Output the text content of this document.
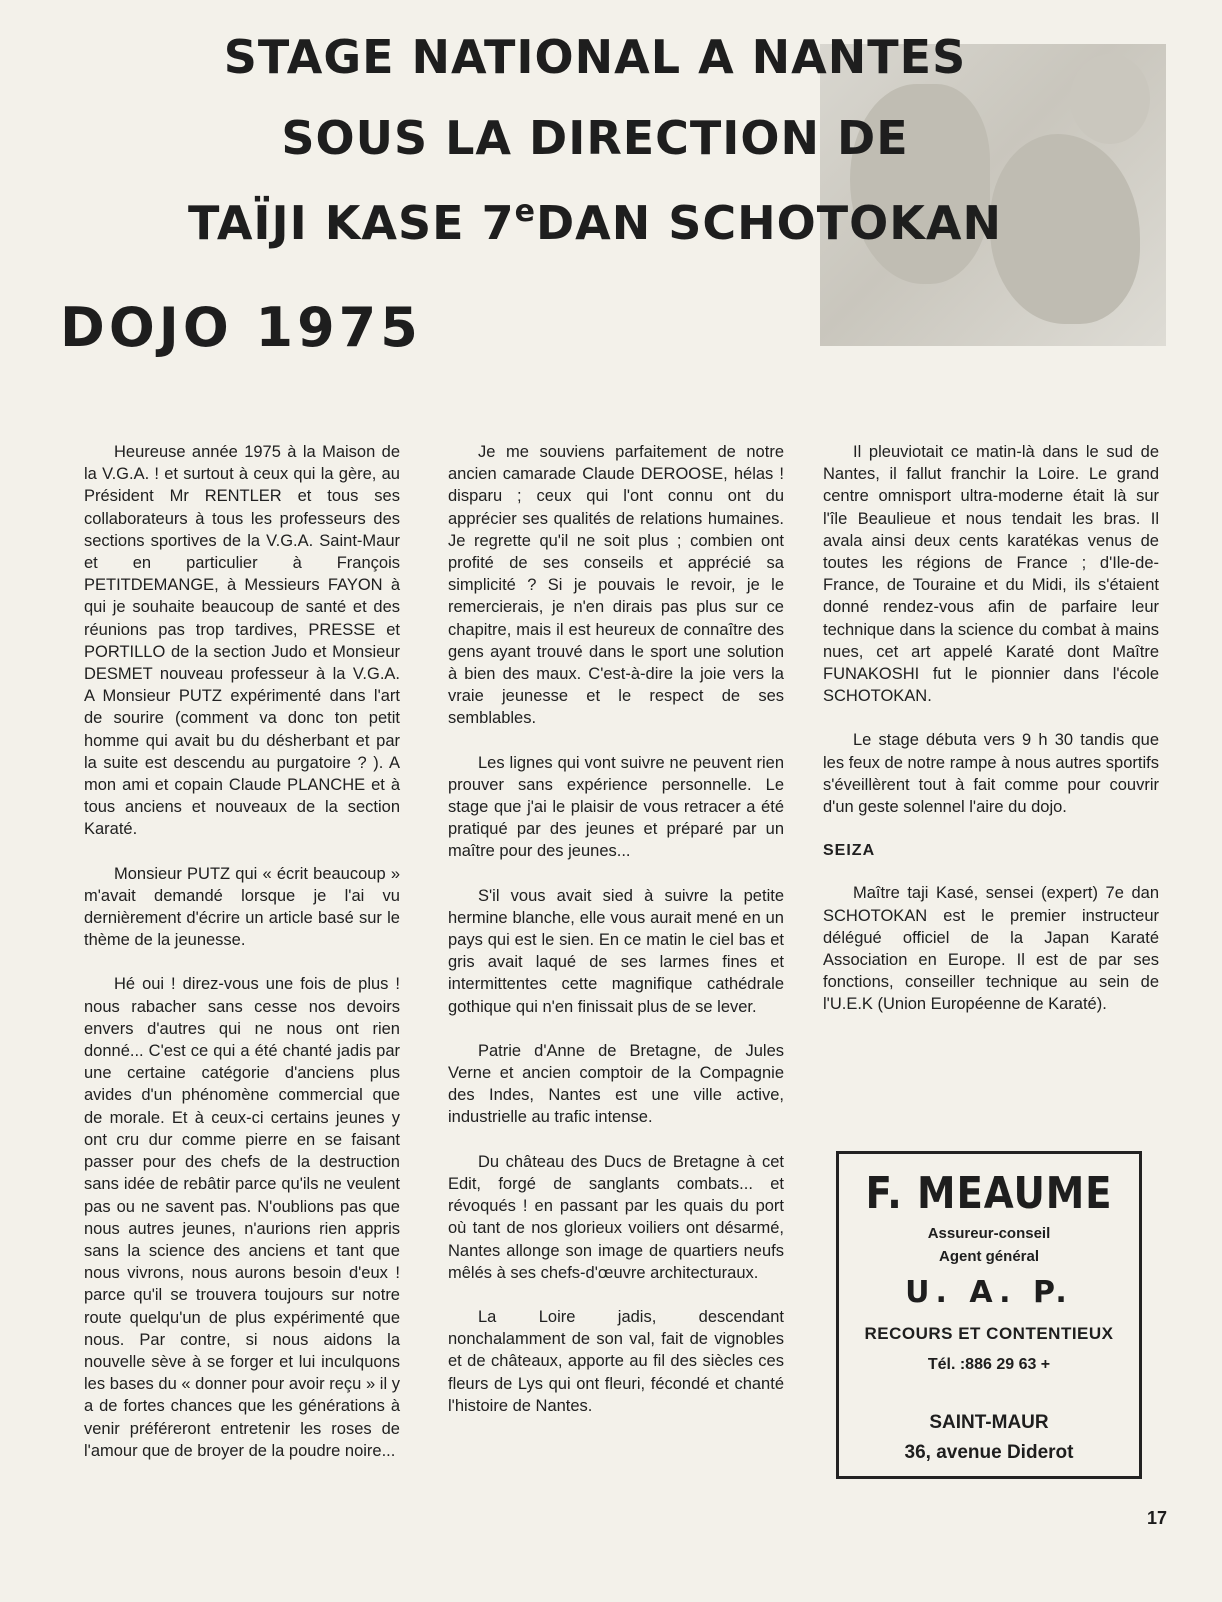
STAGE NATIONAL A NANTES
SOUS LA DIRECTION DE
TAÏJI KASE 7eDAN SCHOTOKAN
DOJO 1975

Heureuse année 1975 à la Maison de la V.G.A. ! et surtout à ceux qui la gère, au Président Mr RENTLER et tous ses collaborateurs à tous les professeurs des sections sportives de la V.G.A. Saint-Maur et en particulier à François PETITDEMANGE, à Messieurs FAYON à qui je souhaite beaucoup de santé et des réunions pas trop tardives, PRESSE et PORTILLO de la section Judo et Monsieur DESMET nouveau professeur à la V.G.A. A Monsieur PUTZ expérimenté dans l'art de sourire (comment va donc ton petit homme qui avait bu du désherbant et par la suite est descendu au purgatoire ? ). A mon ami et copain Claude PLANCHE et à tous anciens et nouveaux de la section Karaté.

Monsieur PUTZ qui « écrit beaucoup » m'avait demandé lorsque je l'ai vu dernièrement d'écrire un article basé sur le thème de la jeunesse.

Hé oui ! direz-vous une fois de plus ! nous rabacher sans cesse nos devoirs envers d'autres qui ne nous ont rien donné... C'est ce qui a été chanté jadis par une certaine catégorie d'anciens plus avides d'un phénomène commercial que de morale. Et à ceux-ci certains jeunes y ont cru dur comme pierre en se faisant passer pour des chefs de la destruction sans idée de rebâtir parce qu'ils ne veulent pas ou ne savent pas. N'oublions pas que nous autres jeunes, n'aurions rien appris sans la science des anciens et tant que nous vivrons, nous aurons besoin d'eux ! parce qu'il se trouvera toujours sur notre route quelqu'un de plus expérimenté que nous. Par contre, si nous aidons la nouvelle sève à se forger et lui inculquons les bases du « donner pour avoir reçu » il y a de fortes chances que les générations à venir préféreront entretenir les roses de l'amour que de broyer de la poudre noire...

Je me souviens parfaitement de notre ancien camarade Claude DEROOSE, hélas ! disparu ; ceux qui l'ont connu ont du apprécier ses qualités de relations humaines. Je regrette qu'il ne soit plus ; combien ont profité de ses conseils et apprécié sa simplicité ? Si je pouvais le revoir, je le remercierais, je n'en dirais pas plus sur ce chapitre, mais il est heureux de connaître des gens ayant trouvé dans le sport une solution à bien des maux. C'est-à-dire la joie vers la vraie jeunesse et le respect de ses semblables.

Les lignes qui vont suivre ne peuvent rien prouver sans expérience personnelle. Le stage que j'ai le plaisir de vous retracer a été pratiqué par des jeunes et préparé par un maître pour des jeunes...

S'il vous avait sied à suivre la petite hermine blanche, elle vous aurait mené en un pays qui est le sien. En ce matin le ciel bas et gris avait laqué de ses larmes fines et intermittentes cette magnifique cathédrale gothique qui n'en finissait plus de se lever.

Patrie d'Anne de Bretagne, de Jules Verne et ancien comptoir de la Compagnie des Indes, Nantes est une ville active, industrielle au trafic intense.

Du château des Ducs de Bretagne à cet Edit, forgé de sanglants combats... et révoqués ! en passant par les quais du port où tant de nos glorieux voiliers ont désarmé, Nantes allonge son image de quartiers neufs mêlés à ses chefs-d'œuvre architecturaux.

La Loire jadis, descendant nonchalamment de son val, fait de vignobles et de châteaux, apporte au fil des siècles ces fleurs de Lys qui ont fleuri, fécondé et chanté l'histoire de Nantes.

Il pleuviotait ce matin-là dans le sud de Nantes, il fallut franchir la Loire. Le grand centre omnisport ultra-moderne était là sur l'île Beaulieue et nous tendait les bras. Il avala ainsi deux cents karatékas venus de toutes les régions de France ; d'Ile-de-France, de Touraine et du Midi, ils s'étaient donné rendez-vous afin de parfaire leur technique dans la science du combat à mains nues, cet art appelé Karaté dont Maître FUNAKOSHI fut le pionnier dans l'école SCHOTOKAN.

Le stage débuta vers 9 h 30 tandis que les feux de notre rampe à nous autres sportifs s'éveillèrent tout à fait comme pour couvrir d'un geste solennel l'aire du dojo.

SEIZA

Maître taji Kasé, sensei (expert) 7e dan SCHOTOKAN est le premier instructeur délégué officiel de la Japan Karaté Association en Europe. Il est de par ses fonctions, conseiller technique au sein de l'U.E.K (Union Européenne de Karaté).

F. MEAUME
Assureur-conseil
Agent général
U. A. P.
RECOURS ET CONTENTIEUX
Tél. :886 29 63 +
SAINT-MAUR
36, avenue Diderot
17
